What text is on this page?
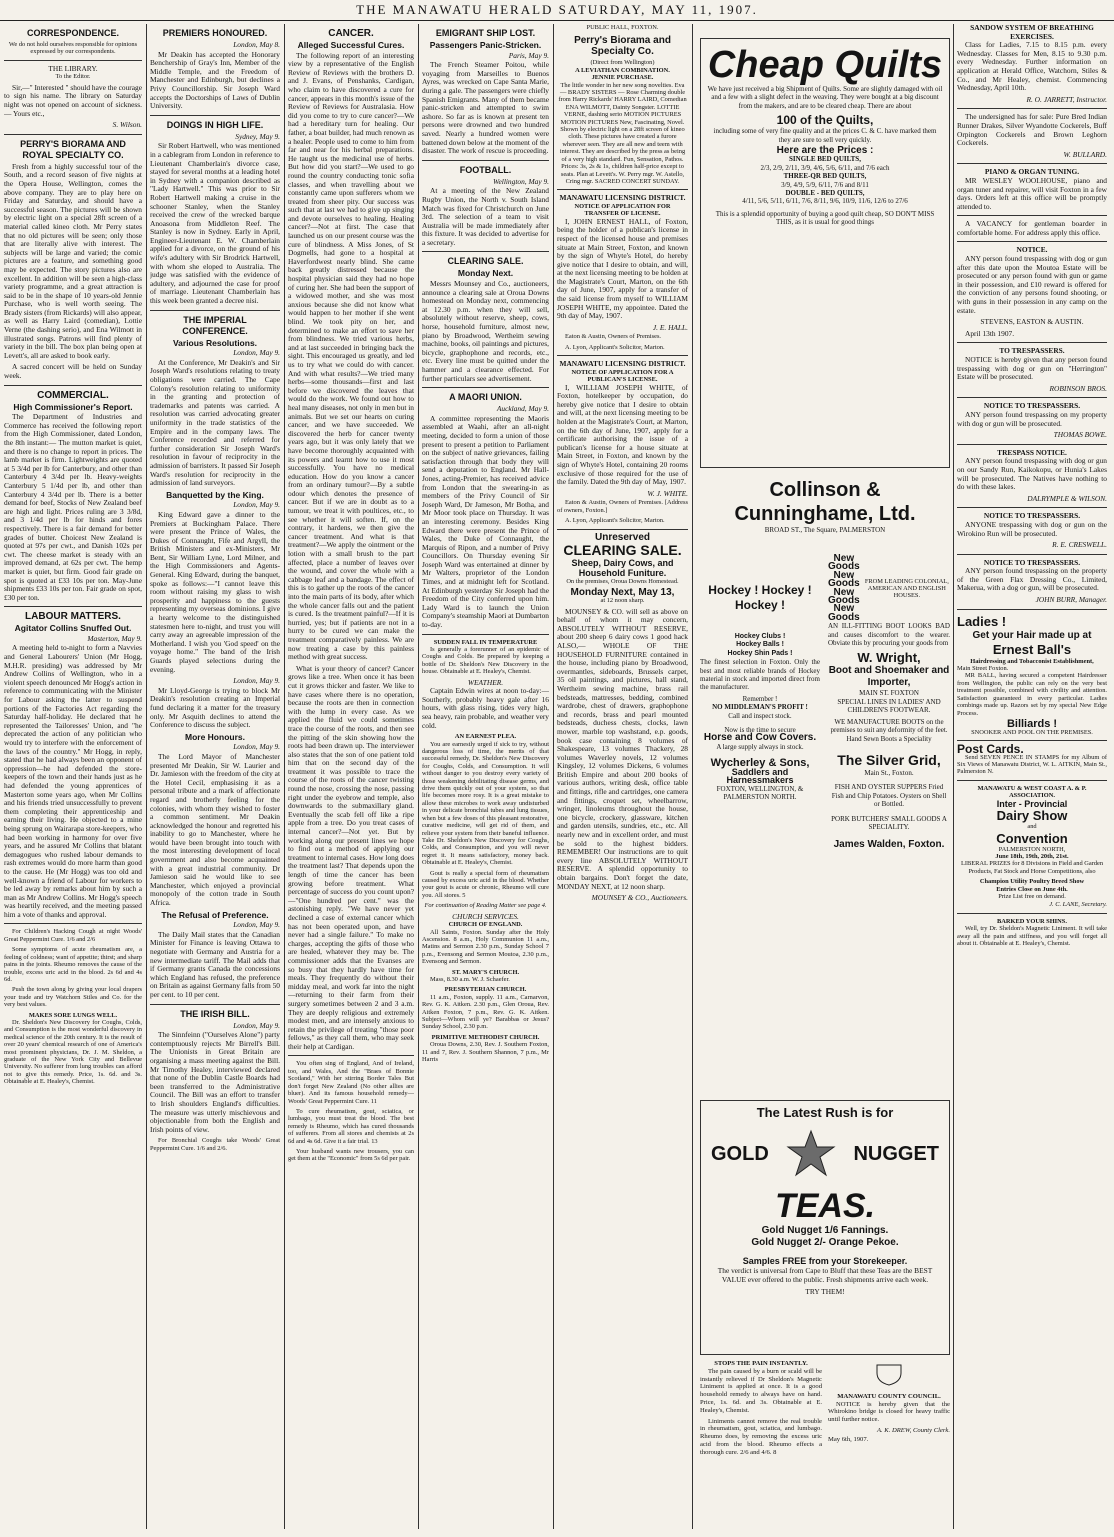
THE MANAWATU HERALD SATURDAY, MAY 11, 1907.
CORRESPONDENCE.

We do not hold ourselves responsible for opinions expressed by our correspondents.

THE LIBRARY.

To the Editor.

Sir,—" Interested " should have the courage to sign his name. The library on Saturday night was not opened on account of sickness.— Yours etc.,

S. Wilson.

PERRY'S BIORAMA AND ROYAL SPECIALTY CO.

Fresh from a highly successful tour of the South, and a record season of five nights at the Opera House, Wellington, comes the above company. They are to play here on Friday and Saturday, and should have a successful season. The pictures will be shown by electric light on a special 28ft screen of a material called kineo cloth. Mr Perry states that no old pictures will be seen; only those that are literally alive with interest. The subjects will be large and varied; the comic pictures are a feature, and something good may be expected. The story pictures also are excellent. In addition will be seen a high-class variety programme, and a great attraction is said to be in the shape of 10 years-old Jennie Purchase, who is well worth seeing. The Brady sisters (from Rickards) will also appear, as well as Harry Laird (comedian), Lottie Verne (the dashing serio), and Ena Wilmott in illustrated songs. Patrons will find plenty of variety in the bill. The box plan being open at Levett's, all are asked to book early.

A sacred concert will be held on Sunday week.

COMMERCIAL.
High Commissioner's Report.

The Department of Industries and Commerce has received the following report from the High Commissioner, dated London, the 8th instant:— The mutton market is quiet, and there is no change to report in prices. The lamb market is firm. Lightweights are quoted at 5 3/4d per lb for Canterbury, and other than Canterbury 4 3/4d per lb. Heavy-weights Canterbury 5 1/4d per lb, and other than Canterbury 4 3/4d per lb. There is a better demand for beef, Stocks of New Zealand beef are high and light. Prices ruling are 3 3/8d, and 3 1/4d per lb for hinds and fores respectively. There is a fair demand for better grades of butter. Choicest New Zealand is quoted at 97s per cwt., and Danish 102s per cwt. The cheese market is steady with an improved demand, at 62s per cwt. The hemp market is quiet, but firm. Good fair grade on spot is quoted at £33 10s per ton. May-June shipments £33 10s per ton. Fair grade on spot, £30 per ton.

LABOUR MATTERS.
Agitator Collins Snuffed Out.

Masterton, May 9.

A meeting held to-night to form a Navvies and General Labourers' Union (Mr Hogg, M.H.R. presiding) was addressed by Mr Andrew Collins of Wellington, who in a violent speech denounced Mr Hogg's action in reference to communicating with the Minister for Labour asking the latter to suspend portions of the Factories Act regarding the Saturday half-holiday. He declared that he represented the Tailoresses' Union, and "he deprecated the action of any politician who would try to interfere with the enforcement of the laws of the country." Mr Hogg, in reply, stated that he had always been an opponent of oppression—he had defended the store-keepers of the town and their hands just as he had defended the young apprentices of Masterton some years ago, when Mr Collins and his friends tried unsuccessfully to prevent them completing their apprenticeship and earning their living. He objected to a mine being sprung on Wairarapa store-keepers, who had been working in harmony for over five years, and he assured Mr Collins that blatant demagogues who rushed labour demands to rash extremes would do more harm than good to the cause. He (Mr Hogg) was too old and well-known a friend of Labour for workers to be led away by remarks about him by such a man as Mr Andrew Collins. Mr Hogg's speech was heartily received, and the meeting passed him a vote of thanks and approval.

For Children's Hacking Cough at night Woods' Great Peppermint Cure. 1/6 and 2/6

Some symptoms of acute rheumatism are, a feeling of coldness; want of appetite; thirst; and sharp pains in the joints. Rheumo removes the cause of the trouble, excess uric acid in the blood. 2s 6d and 4s 6d.

Push the town along by giving your local drapers your trade and try Watchorn Stiles and Co. for the very best values.

MAKES SORE LUNGS WELL.

Dr. Sheldon's New Discovery for Coughs, Colds, and Consumption is the most wonderful discovery in medical science of the 20th century. It is the result of over 20 years' chemical research of one of America's most prominent physicians, Dr. J. M. Sheldon, a graduate of the New York City and Bellevue University. No sufferer from lung troubles can afford not to give this remedy. Price, 1s. 6d. and 3s. Obtainable at E. Healey's, Chemist.

PREMIERS HONOURED.

London, May 8.

Mr Deakin has accepted the Honorary Benchership of Gray's Inn, Member of the Middle Temple, and the Freedom of Manchester and Edinburgh, but declines a Privy Councillorship. Sir Joseph Ward accepts the Doctorships of Laws of Dublin University.

DOINGS IN HIGH LIFE.

Sydney, May 9.

Sir Robert Hartwell, who was mentioned in a cablegram from London in reference to Lieutenant Chamberlain's divorce case, stayed for several months at a leading hotel in Sydney with a companion described as "Lady Hartwell." This was prior to Sir Robert Hartwell making a cruise in the schooner Stanley, when the Stanley received the crew of the wrecked barque Anoasona from Middleton Reef. The Stanley is now in Sydney. Early in April, Engineer-Lieutenant E. W. Chamberlain applied for a divorce, on the ground of his wife's adultery with Sir Brodrick Hartwell, with whom she eloped to Australia. The judge was satisfied with the evidence of adultery, and adjourned the case for proof of marriage. Lieutenant Chamberlain has this week been granted a decree nisi.

THE IMPERIAL CONFERENCE.
Various Resolutions.

London, May 9.

At the Conference, Mr Deakin's and Sir Joseph Ward's resolutions relating to treaty obligations were carried. The Cape Colony's resolution relating to uniformity in the granting and protection of trademarks and patents was carried. A resolution was carried advocating greater uniformity in the trade statistics of the Empire and in the company laws. The Conference recorded and referred for further consideration Sir Joseph Ward's resolution in favour of reciprocity in the admission of barristers. It passed Sir Joseph Ward's resolution for reciprocity in the admission of land surveyors.

Banquetted by the King.

London, May 9.

King Edward gave a dinner to the Premiers at Buckingham Palace. There were present the Prince of Wales, the Dukes of Connaught, Fife and Argyll, the British Ministers and ex-Ministers, Mr Bent, Sir William Lyne, Lord Milner, and the High Commissioners and Agents-General. King Edward, during the banquet, spoke as follows:—"I cannot leave this room without raising my glass to wish prosperity and happiness to the guests representing my overseas dominions. I give a hearty welcome to the distinguished statesmen here to-night, and trust you will carry away an agreeable impression of the Motherland. I wish you 'God speed' on the voyage home." The band of the Irish Guards played selections during the evening.

London, May 9.

Mr Lloyd-George is trying to block Mr Deakin's resolution creating an Imperial fund declaring it a matter for the treasury only. Mr Asquith declines to attend the Conference to discuss the subject.

More Honours.

London, May 9.

The Lord Mayor of Manchester presented Mr Deakin, Sir W. Laurier and Dr. Jamieson with the freedom of the city at the Hotel Cecil, emphasising it as a personal tribute and a mark of affectionate regard and brotherly feeling for the colonies, with whom they wished to foster a common sentiment. Mr Deakin acknowledged the honour and regretted his inability to go to Manchester, where he would have been brought into touch with the most interesting development of local government and also become acquainted with a great industrial community. Dr Jamieson said he would like to see Manchester, which enjoyed a provincial monopoly of the cotton trade in South Africa.

The Refusal of Preference.

London, May 9.

The Daily Mail states that the Canadian Minister for Finance is leaving Ottawa to negotiate with Germany and Austria for a new intermediate tariff. The Mail adds that if Germany grants Canada the concessions which England has refused, the preference on Britain as against Germany falls from 50 per cent. to 10 per cent.

THE IRISH BILL.

London, May 9.

The Sinnfeinn ("Ourselves Alone") party contemptuously rejects Mr Birrell's Bill. The Unionists in Great Britain are organising a mass meeting against the Bill. Mr Timothy Healey, interviewed declared that none of the Dublin Castle Boards had been transferred to the Administrative Council. The Bill was an effort to transfer to Irish shoulders England's difficulties. The measure was utterly mischievous and objectionable from both the English and Irish points of view.

For Bronchial Coughs take Woods' Great Peppermint Cure. 1/6 and 2/6.

CANCER.
Alleged Successful Cures.

The following report of an interesting view by a representative of the English Review of Reviews with the brothers D. and J. Evans, of Penshanks, Cardigan, who claim to have discovered a cure for cancer, appears in this month's issue of the Review of Reviews for Australasia. How did you come to try to cure cancer?—We had a hereditary turn for healing. Our father, a boat builder, had much renown as a healer. People used to come to him from far and near for his herbal preparations. He taught us the medicinal use of herbs. But how did you start?—We used to go round the country conducting tonic sofia classes, and when travelling about we constantly came upon sufferers whom we treated from sheer pity. Our success was such that at last we had to give up singing and devote ourselves to healing. Healing cancer?—Not at first. The case that launched us on our present course was the cure of blindness. A Miss Jones, of St Dogmells, had gone to a hospital at Haverfordwest nearly blind. She came back greatly distressed because the hospital physician said they had no hope of curing her. She had been the support of a widowed mother, and she was most anxious because she did not know what would happen to her mother if she went blind. We took pity on her, and determined to make an effort to save her from blindness. We tried various herbs, and at last succeeded in bringing back the sight. This encouraged us greatly, and led us to try what we could do with cancer. And with what results?—We tried many herbs—some thousands—first and last before we discovered the leaves that would do the work. We found out how to heal many diseases, not only in men but in animals. But we set our hearts on curing cancer, and we have succeeded. We discovered the herb for cancer twenty years ago, but it was only lately that we have become thoroughly acquainted with its powers and learnt how to use it most successfully. You have no medical education. How do you know a cancer from an ordinary tumour?—By a subtle odour which denotes the presence of cancer. But if we are in doubt as to a tumour, we treat it with poultices, etc., to see whether it will soften. If, on the contrary, it hardens, we then give the cancer treatment. And what is that treatment?—We apply the ointment or the lotion with a small brush to the part affected, place a number of leaves over the wound, and cover the whole with a cabbage leaf and a bandage. The effect of this is to gather up the roots of the cancer into the main parts of its body, after which the whole cancer falls out and the patient is cured. Is the treatment painful?—If it is hurried, yes; but if patients are not in a hurry to be cured we can make the treatment comparatively painless. We are now treating a case by this painless method with great success.

What is your theory of cancer? Cancer grows like a tree. When once it has been cut it grows thicker and faster. We like to have cases where there is no operation, because the roots are then in connection with the lump in every case. As we applied the fluid we could sometimes trace the course of the roots, and then see the pitting of the skin showing how the roots had been drawn up. The interviewer also states that the son of one patient told him that on the second day of the treatment it was possible to trace the course of the roots of the cancer twisting round the nose, crossing the nose, passing right under the eyebrow and temple, also downwards to the submaxillary gland. Eventually the scab fell off like a ripe apple from a tree. Do you treat cases of internal cancer?—Not yet. But by working along our present lines we hope to find out a method of applying our treatment to internal cases. How long does the treatment last? That depends upon the length of time the cancer has been growing before treatment. What percentage of success do you count upon?—"One hundred per cent." was the astonishing reply. "We have never yet declined a case of external cancer which has not been operated upon, and have never had a single failure." To make no charges, accepting the gifts of those who are healed, whatever they may be. The commissioner adds that the Evanses are so busy that they hardly have time for meals. They frequently do without their midday meal, and work far into the night—returning to their farm from their surgery sometimes between 2 and 3 a.m. They are deeply religious and extremely modest men, and are intensely anxious to retain the privilege of treating "those poor fellows," as they call them, who may seek their help at Cardigan.

You often sing of England, And of Ireland, too, and Wales, And the "Braes of Bonnie Scotland," With her stirring Border Tales But don't forget New Zealand (No other allies are bluer). And its famous household remedy— Woods' Great Peppermint Cure. 11

To cure rheumatism, gout, sciatica, or lumbago, you must treat the blood. The best remedy is Rheumo, which has cured thousands of sufferers. From all stores and chemists at 2s 6d and 4s 6d. Give it a fair trial. 13

Your husband wants new trousers, you can get them at the "Economic" from 5s 6d per pair.

EMIGRANT SHIP LOST.
Passengers Panic-Stricken.

Paris, May 9.

The French Steamer Poitou, while voyaging from Marseilles to Buenos Ayres, was wrecked on Cape Santa Marie, during a gale. The passengers were chiefly Spanish Emigrants. Many of them became panic-stricken and attempted to swim ashore. So far as is known at present ten persons were drowned and two hundred saved. Nearly a hundred women were battened down below at the moment of the disaster. The work of rescue is proceeding.

FOOTBALL.

Wellington, May 9.

At a meeting of the New Zealand Rugby Union, the North v. South Island Match was fixed for Christchurch on June 3rd. The selection of a team to visit Australia will be made immediately after this fixture. It was decided to advertise for a secretary.

CLEARING SALE.
Monday Next.

Messrs Mounsey and Co., auctioneers, announce a clearing sale at Oroua Downs homestead on Monday next, commencing at 12.30 p.m. when they will sell, absolutely without reserve, sheep, cows, horse, household furniture, almost new, piano by Broadwood, Wertheim sewing machine, books, oil paintings and pictures, bicycle, graphophone and records, etc., etc. Every line must be quitted under the hammer and a clearance effected. For further particulars see advertisement.

A MAORI UNION.

Auckland, May 9.

A committee representing the Maoris assembled at Waahi, after an all-night meeting, decided to form a union of those present to present a petition to Parliament on the subject of native grievances, failing satisfaction through that body they will send a deputation to England. Mr Hall-Jones, acting-Premier, has received advice from London that the swearing-in as members of the Privy Council of Sir Joseph Ward, Dr Jameson, Mr Botha, and Mr Moor took place on Thursday. It was an interesting ceremony. Besides King Edward there were present the Prince of Wales, the Duke of Connaught, the Marquis of Ripon, and a number of Privy Councillors. On Thursday evening Sir Joseph Ward was entertained at dinner by Mr Walters, proprietor of the London Times, and at midnight left for Scotland. At Edinburgh yesterday Sir Joseph had the Freedom of the City conferred upon him. Lady Ward is to launch the Union Company's steamship Maori at Dumbarton to-day.

SUDDEN FALL IN TEMPERATURE

Is generally a forerunner of an epidemic of Coughs and Colds. Be prepared by keeping a bottle of Dr. Sheldon's New Discovery in the house. Obtainable at E. Healey's, Chemist.

WEATHER.

Captain Edwin wires at noon to-day:— Southerly, probably heavy gale after 16 hours, with glass rising, tides very high, sea heavy, rain probable, and weather very cold.

AN EARNEST PLEA.

You are earnestly urged if sick to try, without dangerous loss of time, the merits of that successful remedy, Dr. Sheldon's New Discovery for Coughs, Colds, and Consumption. It will without danger to you destroy every variety of those weakening debilitating disease germs, and drive them quickly out of your system, so that life becomes more rosy. It is a great mistake to allow these microbes to work away undisturbed in your delicate bronchial tubes and lung tissues, when but a few doses of this pleasant restorative, curative medicine, will get rid of them, and relieve your system from their baneful influence. Take Dr. Sheldon's New Discovery for Coughs, Colds, and Consumption, and you will never regret it. It means satisfactory, money back. Obtainable at E. Healey's, Chemist.

Gout is really a special form of rheumatism caused by excess uric acid in the blood. Whether your gout is acute or chronic, Rheumo will cure you. All stores. 5

For continuation of Reading Matter see page 4.

CHURCH SERVICES.
CHURCH OF ENGLAND.

All Saints, Foxton. Sunday after the Holy Ascension. 8 a.m., Holy Communion 11 a.m., Matins and Sermon 2.30 p.m., Sunday School 7 p.m., Evensong and Sermon Moutoa, 2.30 p.m., Evensong and Sermon.

ST. MARY'S CHURCH.

Mass, 8.30 a.m. W. J. Schaefer.

PRESBYTERIAN CHURCH.

11 a.m., Foxton, supply. 11 a.m., Carnarvon, Rev. G. K. Aitken. 2.30 p.m., Glen Oroua, Rev. Aitken Foxton, 7 p.m., Rev. G. K. Aitken. Subject—Whom will ye? Barabbas or Jesus? Sunday School, 2.30 p.m.

PRIMITIVE METHODIST CHURCH.

Oroua Downs, 2.30, Rev. J. Southern Foxton, 11 and 7, Rev. J. Southern Shannon, 7 p.m., Mr Harris

PUBLIC HALL, FOXTON.
Perry's Biorama and Specialty Co.
(Direct from Wellington)
A LEVIATHAN COMBINATION.
JENNIE PURCHASE.

The little wonder in her new song novelties. Eva — BRADY SISTERS — Rose Charming double from Harry Rickards' HARRY LAIRD, Comedian ENA WILMOTT, Dainty Songster. LOTTIE VERNE, dashing serio MOTION PICTURES MOTION PICTURES New, Fascinating, Novel. Shown by electric light on a 28ft screen of kineo cloth. These pictures have created a furore wherever seen. They are all new and teem with interest. They are described by the press as being of a very high standard. Fun, Sensation, Pathos. Prices: 3s, 2s & 1s, children half-price except to seats. Plan at Levett's. W. Perry mgr. W. Astello, Cring mgr. SACRED CONCERT SUNDAY.

MANAWATU LICENSING DISTRICT.
NOTICE OF APPLICATION FOR TRANSFER OF LICENSE.

I, JOHN ERNEST HALL, of Foxton, being the holder of a publican's license in respect of the licensed house and premises situate at Main Street, Foxton, and known by the sign of Whyte's Hotel, do hereby give notice that I desire to obtain, and will, at the next licensing meeting to be holden at the Magistrate's Court, Marton, on the 6th day of June, 1907, apply for a transfer of the said license from myself to WILLIAM JOSEPH WHITE, my appointee. Dated the 9th day of May, 1907.

J. E. HALL.

Eaton & Austin, Owners of Premises.

A. Lyon, Applicant's Solicitor, Marton.

MANAWATU LICENSING DISTRICT.
NOTICE OF APPLICATION FOR A PUBLICAN'S LICENSE.

I, WILLIAM JOSEPH WHITE, of Foxton, hotelkeeper by occupation, do hereby give notice that I desire to obtain and will, at the next licensing meeting to be holden at the Magistrate's Court, at Marton, on the 6th day of June, 1907, apply for a certificate authorising the issue of a publican's license for a house situate at Main Street, in Foxton, and known by the sign of Whyte's Hotel, containing 20 rooms exclusive of those required for the use of the family. Dated the 9th day of May, 1907.

W. J. WHITE.

Eaton & Austin, Owners of Premises. [Address of owners, Foxton.]

A. Lyon, Applicant's Solicitor, Marton.

Unreserved
CLEARING SALE.
Sheep, Dairy Cows, and Household Funiture.

On the premises, Oroua Downs Homestead.

Monday Next, May 13,

at 12 noon sharp.

MOUNSEY & CO. will sell as above on behalf of whom it may concern, ABSOLUTELY WITHOUT RESERVE, about 200 sheep 6 dairy cows 1 good hack ALSO,— WHOLE OF THE HOUSEHOLD FURNITURE contained in the house, including piano by Broadwood, overmantles, sideboards, Brussels carpet, 35 oil paintings, and pictures, hall stand, Wertheim sewing machine, brass rail bedsteads, mattresses, bedding, combined wardrobe, chest of drawers, graphophone and records, brass and pearl mounted bedsteads, duchess chests, clocks, lawn mower, marble top washstand, e.p. goods, book case containing 8 volumes of Shakespeare, 13 volumes Thackery, 28 volumes Waverley novels, 12 volumes Kingsley, 12 volumes Dickens, 6 volumes British Empire and about 200 books of various authors, writing desk, office table and fittings, rifle and cartridges, one camera and fittings, croquet set, wheelbarrow, wringer, linoleums throughout the house, one bicycle, crockery, glassware, kitchen and garden utensils, sundries, etc., etc. All nearly new and in excellent order, and must be sold to the highest bidders. REMEMBER! Our instructions are to quit every line ABSOLUTELY WITHOUT RESERVE. A splendid opportunity to obtain bargains. Don't forget the date, MONDAY NEXT, at 12 noon sharp.

MOUNSEY & CO., Auctioneers.

Cheap Quilts

We have just received a big Shipment of Quilts. Some are slightly damaged with oil and a few with a slight defect in the weaving. They were bought at a big discount from the makers, and are to be cleared cheap. There are about

100 of the Quilts,

including some of very fine quality and at the prices C. & C. have marked them they are sure to sell very quickly.

Here are the Prices :
SINGLE BED QUILTS,
2/3, 2/9, 2/11, 3/9, 4/6, 5/6, 6/11, and 7/6 each
THREE-QR BED QUILTS,
3/9, 4/9, 5/9, 6/11, 7/6 and 8/11
DOUBLE - BED QUILTS,
4/11, 5/6, 5/11, 6/11, 7/6, 8/11, 9/6, 10/9, 11/6, 12/6 to 27/6

This is a splendid opportunity of buying a good quilt cheap, SO DON'T MISS THIS, as it is usual for good things

Collinson &
Cunninghame, Ltd.
BROAD ST., The Square, PALMERSTON
Hockey ! Hockey !
Hockey !
Hockey Clubs !
Hockey Balls !
Hockey Shin Pads !

The finest selection in Foxton. Only the best and most reliable brands of Hockey material in stock and imported direct from the manufacturer.

Remember !
NO MIDDLEMAN'S PROFIT !
Call and inspect stock.
Now is the time to secure
Horse and Cow Covers.
A large supply always in stock.
Wycherley & Sons,
Saddlers and Harnessmakers
FOXTON, WELLINGTON, & PALMERSTON NORTH.
New Goods
New Goods
New Goods
New Goods
FROM LEADING COLONIAL, AMERICAN AND ENGLISH HOUSES.

AN ILL-FITTING BOOT LOOKS BAD and causes discomfort to the wearer. Obviate this by procuring your goods from

W. Wright,
Boot and Shoemaker and Importer,
MAIN ST. FOXTON
SPECIAL LINES IN LADIES' AND CHILDREN'S FOOTWEAR.
WE MANUFACTURE BOOTS on the premises to suit any deformity of the feet.
Hand Sewn Boots a Speciality
The Silver Grid,
Main St., Foxton.
FISH AND OYSTER SUPPERS Fried Fish and Chip Potatoes. Oysters on Shell or Bottled.
PORK BUTCHERS' SMALL GOODS A SPECIALITY.
James Walden, Foxton.
The Latest Rush is for
GOLD	NUGGET
TEAS.
Gold Nugget 1/6 Fannings.
Gold Nugget 2/- Orange Pekoe.
Samples FREE from your Storekeeper.

The verdict is universal from Cape to Bluff that these Teas are the BEST VALUE ever offered to the public. Fresh shipments arrive each week.

TRY THEM!
STOPS THE PAIN INSTANTLY.

The pain caused by a burn or scald will be instantly relieved if Dr Sheldon's Magnetic Liniment is applied at once. It is a good household remedy to always have on hand. Price, 1s. 6d. and 3s. Obtainable at E. Healey's, Chemist.

Liniments cannot remove the real trouble in rheumatism, gout, sciatica, and lumbago. Rheumo does, by removing the excess uric acid from the blood. Rheumo effects a thorough cure. 2/6 and 4/6. 8

MANAWATU COUNTY COUNCIL.

NOTICE is hereby given that the Whirokino bridge is closed for heavy traffic until further notice.

A. K. DREW, County Clerk.

May 6th, 1907.

SANDOW SYSTEM OF BREATHING EXERCISES.

Class for Ladies, 7.15 to 8.15 p.m. every Wednesday. Classes for Men, 8.15 to 9.30 p.m. every Wednesday. Further information on application at Herald Office, Watchorn, Stiles & Co., and Mr Healey, chemist. Commencing Wednesday, April 10th.

R. O. JARRETT, Instructor.

The undersigned has for sale: Pure Bred Indian Runner Drakes, Silver Wyandotte Cockerels, Buff Orpington Cockerels and Brown Leghorn Cockerels.

W. BULLARD.

PIANO & ORGAN TUNING.

MR WESLEY WOOLHOUSE, piano and organ tuner and repairer, will visit Foxton in a few days. Orders left at this office will be promptly attended to.

A VACANCY for gentleman boarder in comfortable home. For address apply this office.

NOTICE.

ANY person found trespassing with dog or gun after this date upon the Moutoa Estate will be prosecuted or any person found with gun or game in their possession, and £10 reward is offered for the conviction of any persons found shooting, or with guns in their possession in any camp on the estate.

STEVENS, EASTON & AUSTIN.

April 13th 1907.

TO TRESPASSERS.

NOTICE is hereby given that any person found trespassing with dog or gun on "Herrington" Estate will be prosecuted.

ROBINSON BROS.

NOTICE TO TRESPASSERS.

ANY person found trespassing on my property with dog or gun will be prosecuted.

THOMAS BOWE.

TRESPASS NOTICE.

ANY person found trespassing with dog or gun on our Sandy Run, Kaikokopu, or Hunia's Lakes will be prosecuted. The Natives have nothing to do with these lakes.

DALRYMPLE & WILSON.

NOTICE TO TRESPASSERS.

ANYONE trespassing with dog or gun on the Wirokino Run will be prosecuted.

R. E. CRESWELL.

NOTICE TO TRESPASSERS.

ANY person found trespassing on the property of the Green Flax Dressing Co., Limited, Makerua, with a dog or gun, will be prosecuted.

JOHN BURR, Manager.

Ladies !
Get your Hair made up at
Ernest Ball's
Hairdressing and Tobacconist Establishment,
Main Street Foxton.

MR BALL, having secured a competent Hairdresser from Wellington, the public can rely on the very best treatment possible, combined with civility and attention. Satisfaction guaranteed in every particular. Ladies combings made up. Razors set by my special New Edge Process.

Billiards !
SNOOKER AND POOL ON THE PREMISES.
Post Cards.

Send SEVEN PENCE IN STAMPS for my Album of Six Views of Manawatu District, W. L. AITKIN, Main St., Palmerston N.

MANAWATU & WEST COAST A. & P. ASSOCIATION.
Inter - Provincial
Dairy Show
and
Convention
PALMERSTON NORTH,
June 18th, 19th, 20th, 21st.

LIBERAL PRIZES for 8 Divisions in Field and Garden Products, Fat Stock and Horse Competitions, also

Champion Utility Poultry Breed Show
Entries Close on June 4th.
Prize List free on demand.
J. C. LANE, Secretary.
BARKED YOUR SHINS.

Well, try Dr. Sheldon's Magnetic Liniment. It will take away all the pain and stiffness, and you will forget all about it. Obtainable at E. Healey's, Chemist.
